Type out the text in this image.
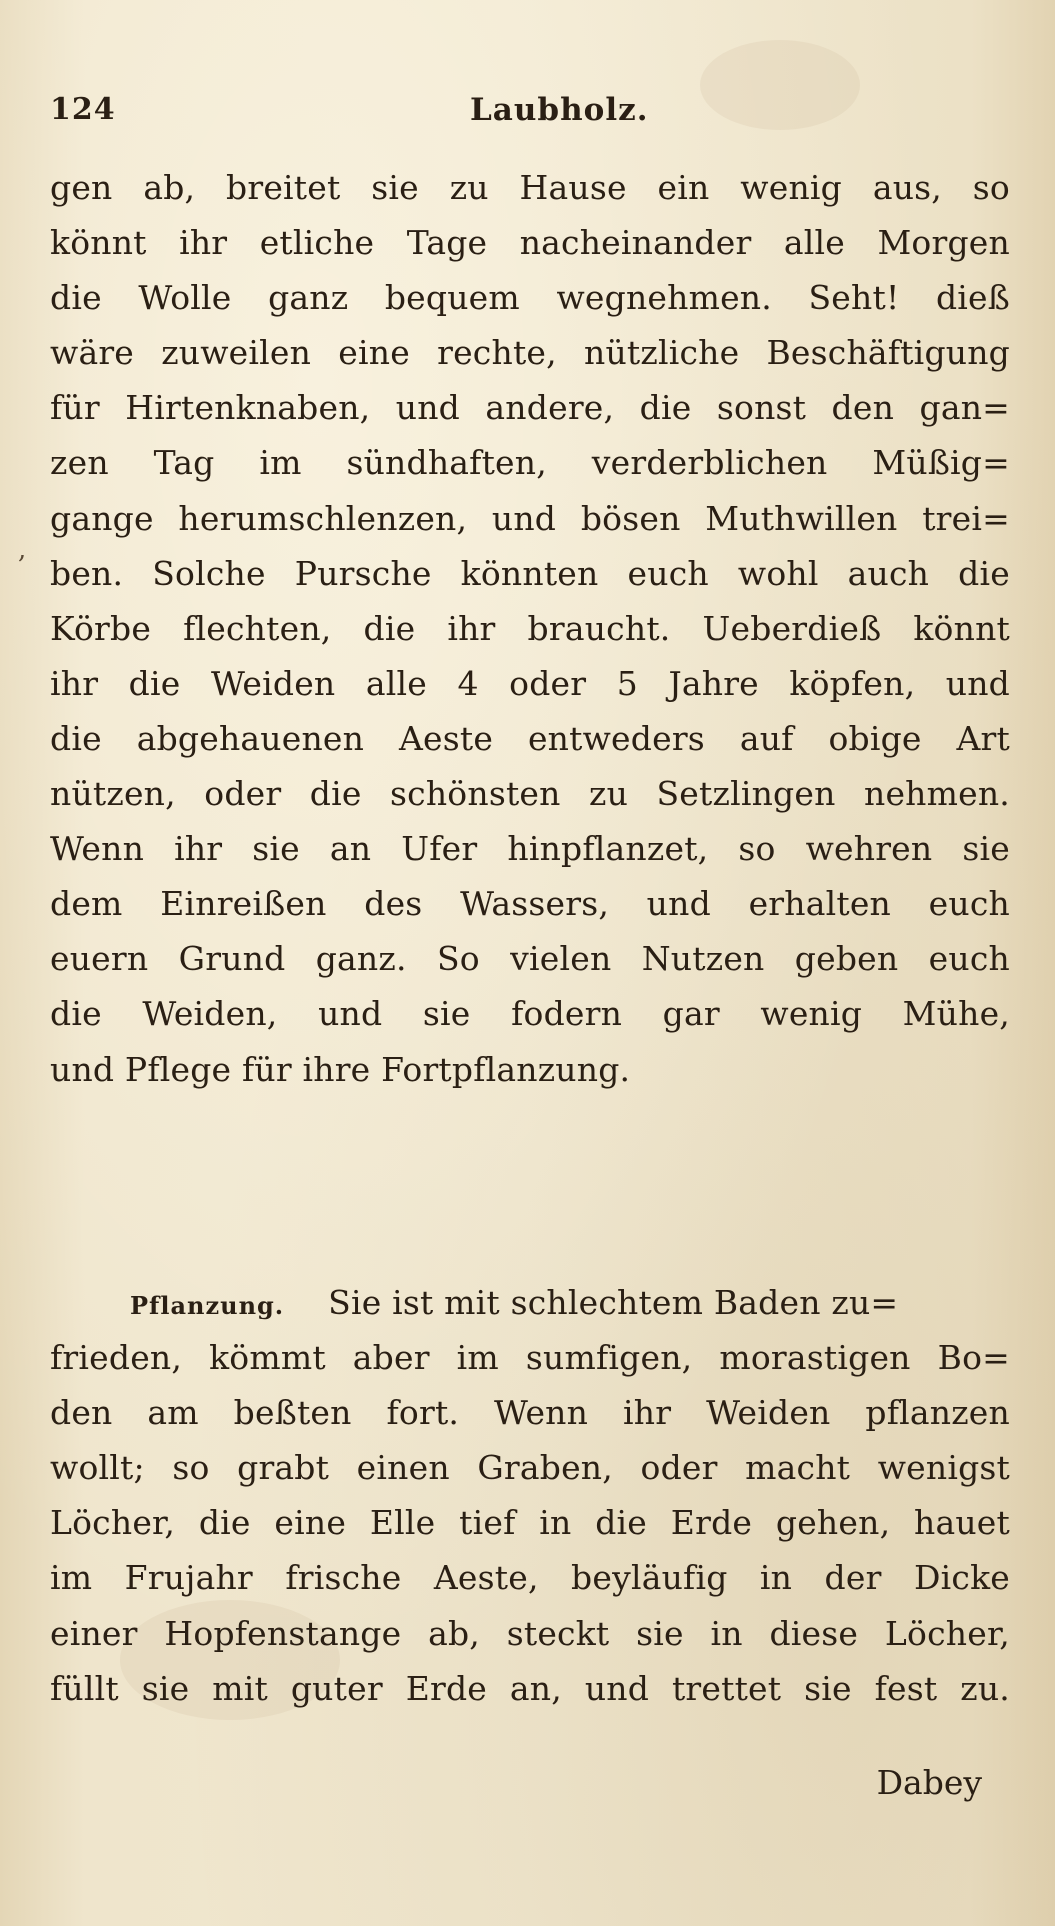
124	Laubholz.
,
gen ab, breitet sie zu Hause ein wenig aus, so
könnt ihr etliche Tage nacheinander alle Morgen
die Wolle ganz bequem wegnehmen. Seht! dieß
wäre zuweilen eine rechte, nützliche Beschäftigung
für Hirtenknaben, und andere, die sonst den gan=
zen Tag im sündhaften, verderblichen Müßig=
gange herumschlenzen, und bösen Muthwillen trei=
ben. Solche Pursche könnten euch wohl auch die
Körbe flechten, die ihr braucht. Ueberdieß könnt
ihr die Weiden alle 4 oder 5 Jahre köpfen, und
die abgehauenen Aeste entweders auf obige Art
nützen, oder die schönsten zu Setzlingen nehmen.
Wenn ihr sie an Ufer hinpflanzet, so wehren sie
dem Einreißen des Wassers, und erhalten euch
euern Grund ganz. So vielen Nutzen geben euch
die Weiden, und sie fodern gar wenig Mühe,
und Pflege für ihre Fortpflanzung.
Pflanzung. Sie ist mit schlechtem Baden zu=
frieden, kömmt aber im sumfigen, morastigen Bo=
den am beßten fort. Wenn ihr Weiden pflanzen
wollt; so grabt einen Graben, oder macht wenigst
Löcher, die eine Elle tief in die Erde gehen, hauet
im Frujahr frische Aeste, beyläufig in der Dicke
einer Hopfenstange ab, steckt sie in diese Löcher,
füllt sie mit guter Erde an, und trettet sie fest zu.
Dabey
